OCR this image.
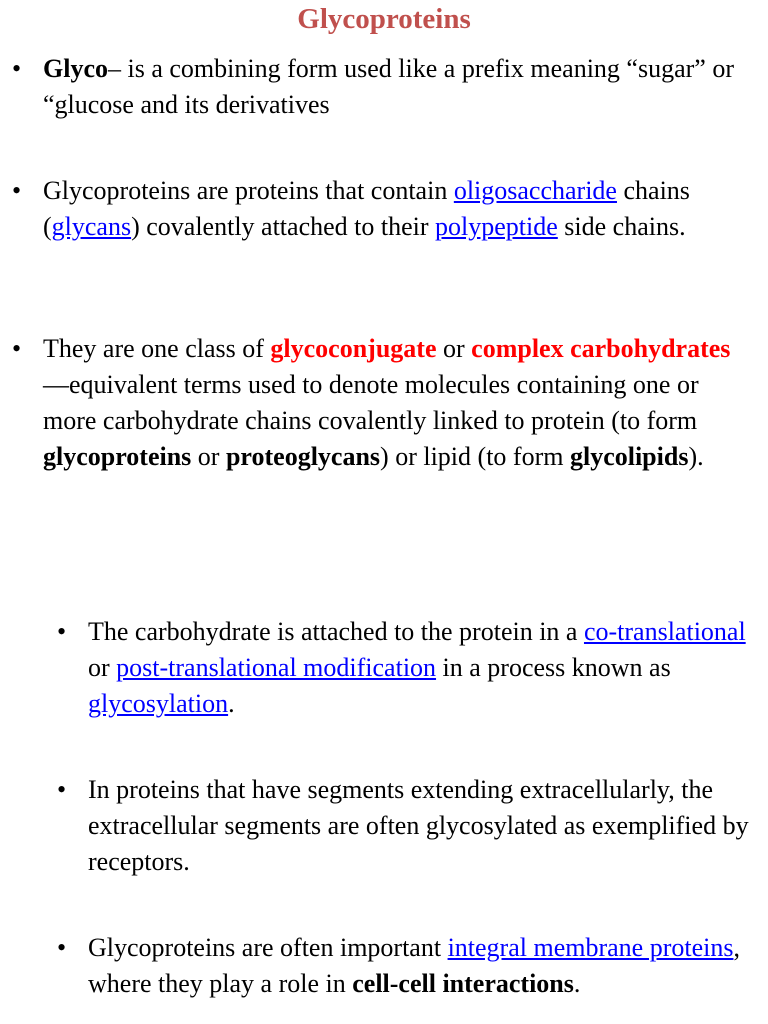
Glycoproteins
• Glyco– is a combining form used like a prefix meaning “sugar” or “glucose and its derivatives
• Glycoproteins are proteins that contain oligosaccharide chains (glycans) covalently attached to their polypeptide side chains.
• They are one class of glycoconjugate or complex carbohydrates—equivalent terms used to denote molecules containing one or more carbohydrate chains covalently linked to protein (to form glycoproteins or proteoglycans) or lipid (to form glycolipids).
• The carbohydrate is attached to the protein in a co-translational or post-translational modification in a process known as glycosylation.
• In proteins that have segments extending extracellularly, the extracellular segments are often glycosylated as exemplified by receptors.
• Glycoproteins are often important integral membrane proteins, where they play a role in cell-cell interactions.
